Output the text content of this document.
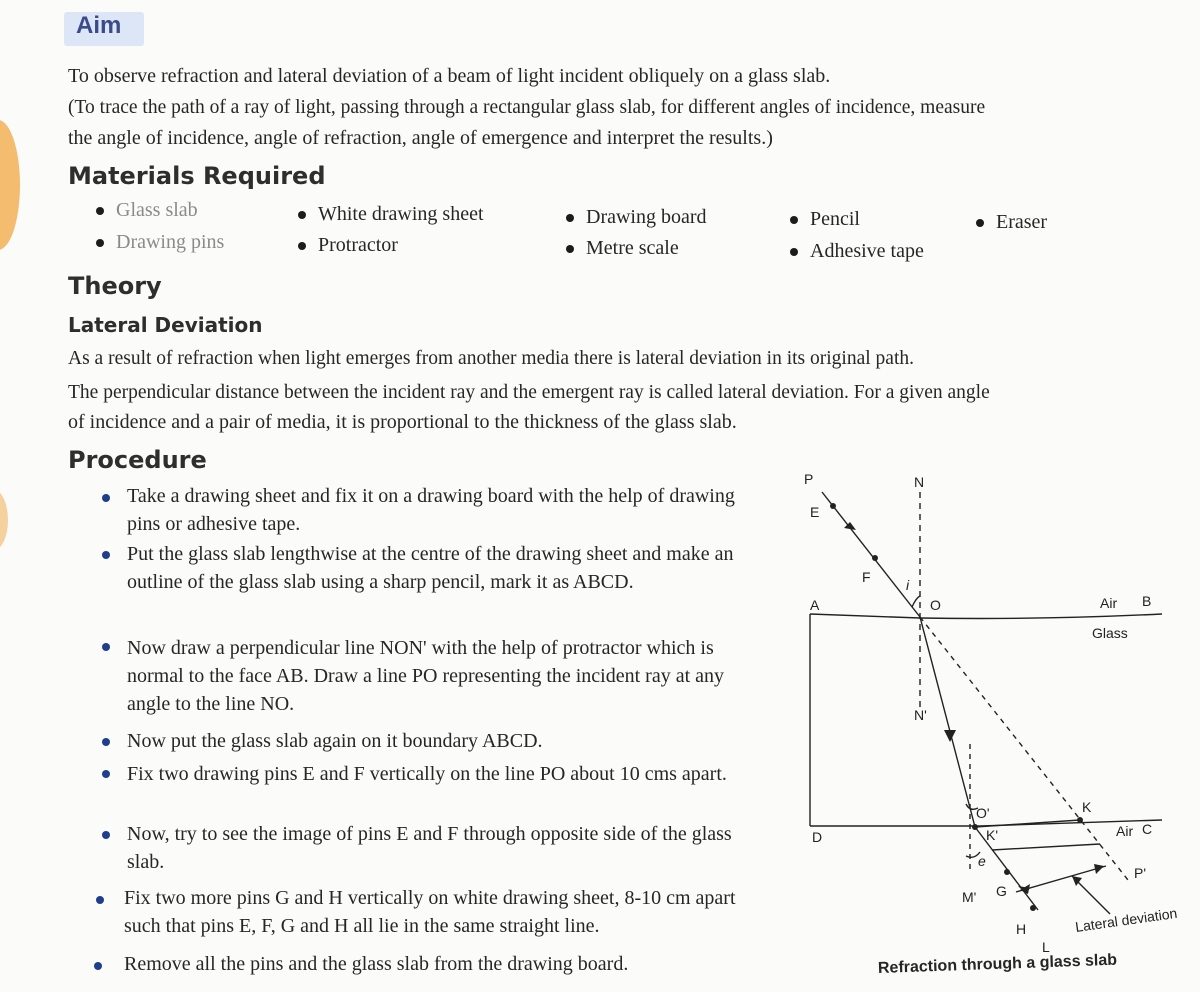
Aim
To observe refraction and lateral deviation of a beam of light incident obliquely on a glass slab.
(To trace the path of a ray of light, passing through a rectangular glass slab, for different angles of incidence, measure
the angle of incidence, angle of refraction, angle of emergence and interpret the results.)
Materials Required
Glass slab	White drawing sheet	Drawing board	Pencil	Eraser
Drawing pins	Protractor	Metre scale	Adhesive tape
Theory
Lateral Deviation
As a result of refraction when light emerges from another media there is lateral deviation in its original path.
The perpendicular distance between the incident ray and the emergent ray is called lateral deviation. For a given angle
of incidence and a pair of media, it is proportional to the thickness of the glass slab.
Procedure
Take a drawing sheet and fix it on a drawing board with the help of drawing pins or adhesive tape.
Put the glass slab lengthwise at the centre of the drawing sheet and make an outline of the glass slab using a sharp pencil, mark it as ABCD.
Now draw a perpendicular line NON' with the help of protractor which is normal to the face AB. Draw a line PO representing the incident ray at any angle to the line NO.
Now put the glass slab again on it boundary ABCD.
Fix two drawing pins E and F vertically on the line PO about 10 cms apart.
Now, try to see the image of pins E and F through opposite side of the glass slab.
Fix two more pins G and H vertically on white drawing sheet, 8-10 cm apart such that pins E, F, G and H all lie in the same straight line.
Remove all the pins and the glass slab from the drawing board.
P
E
F
N
i
O
A	B
Air
Glass
N'
O'	K
K'
D	Air C
e
M' G
P'
H
L
Lateral deviation
Refraction through a glass slab
